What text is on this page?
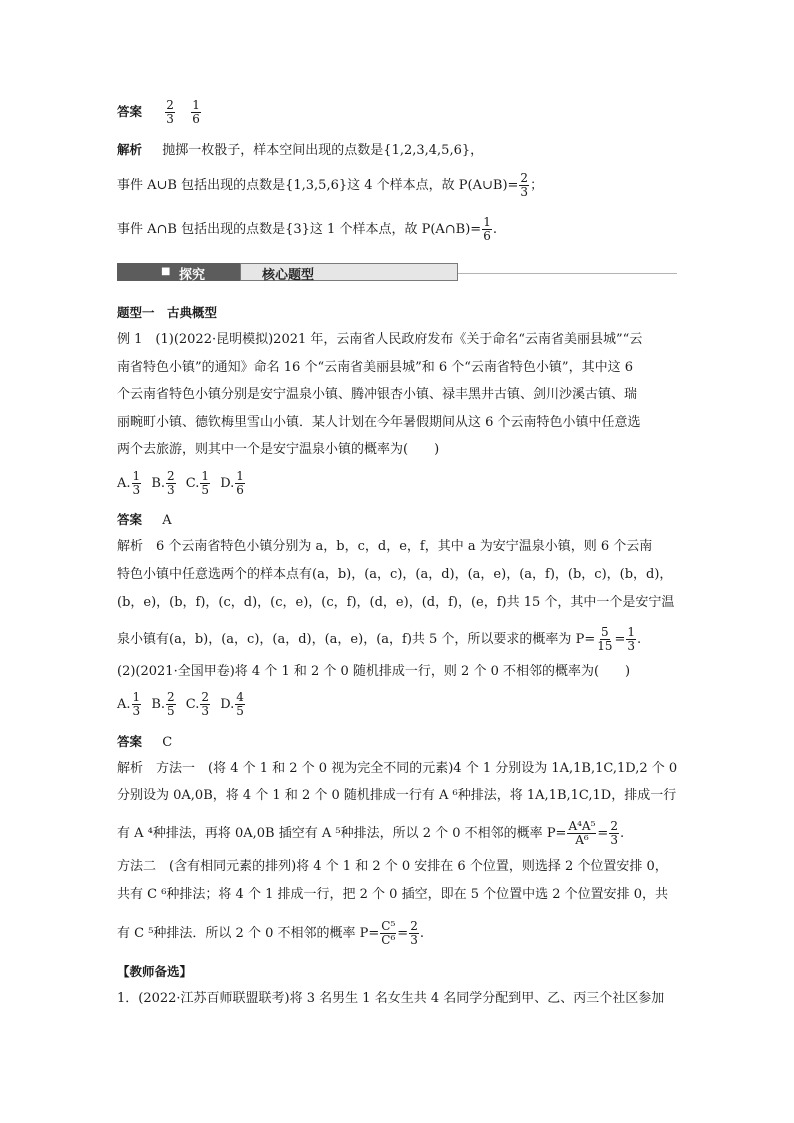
答案 $\frac{2}{3}$
$\frac{1}{6}$
解析 抛掷一枚骰子，样本空间出现的点数是{1,2,3,4,5,6}，
事件 A∪B 包括出现的点数是{1,3,5,6}这 4 个样本点，故 P(A∪B)= $\frac{2}{3}$ ；
事件 A∩B 包括出现的点数是{3}这 1 个样本点，故 P(A∩B)= $\frac{1}{6}$ .
■ 探究	核心题型
题型一　古典概型
例 1　(1)(2022·昆明模拟)2021 年，云南省人民政府发布《关于命名“云南省美丽县城”“云
南省特色小镇”的通知》命名 16 个“云南省美丽县城”和 6 个“云南省特色小镇”，其中这 6
个云南省特色小镇分别是安宁温泉小镇、腾冲银杏小镇、禄丰黑井古镇、剑川沙溪古镇、瑞
丽畹町小镇、德钦梅里雪山小镇．某人计划在今年暑假期间从这 6 个云南特色小镇中任意选
两个去旅游，则其中一个是安宁温泉小镇的概率为(　　)
A. $\frac{1}{3} B$. $\frac{2}{3} C$. $\frac{1}{5} D$. $\frac{1}{6}$
答案 A
解析　6 个云南省特色小镇分别为 a，b，c，d，e，f，其中 a 为安宁温泉小镇，则 6 个云南
特色小镇中任意选两个的样本点有(a，b)，(a，c)，(a，d)，(a，e)，(a，f)，(b，c)，(b，d)，
(b，e)，(b，f)，(c，d)，(c，e)，(c，f)，(d，e)，(d，f)，(e，f)共 15 个，其中一个是安宁温
泉小镇有(a，b)，(a，c)，(a，d)，(a，e)，(a，f)共 5 个，所以要求的概率为 $P= \frac{5}{15} = \frac{1}{3}$ .
(2)(2021·全国甲卷)将 4 个 1 和 2 个 0 随机排成一行，则 2 个 0 不相邻的概率为(　　)
A. $\frac{1}{3} B$. $\frac{2}{5} C$. $\frac{2}{3} D$. $\frac{4}{5}$
答案 C
解析　方法一　(将 4 个 1 和 2 个 0 视为完全不同的元素)4 个 1 分别设为 1A,1B,1C,1D,2 个 0
分别设为 0A,0B，将 4 个 1 和 2 个 0 随机排成一行有 A ⁶种排法，将 1A,1B,1C,1D，排成一行
有 A ⁴种排法，再将 0A,0B 插空有 A ⁵种排法，所以 2 个 0 不相邻的概率 $P= \frac{\text{A⁴A⁵}}{\text{A⁶}} = \frac{2}{3}$ .
方法二　(含有相同元素的排列)将 4 个 1 和 2 个 0 安排在 6 个位置，则选择 2 个位置安排 0，
共有 C ⁶种排法；将 4 个 1 排成一行，把 2 个 0 插空，即在 5 个位置中选 2 个位置安排 0，共
有 C ⁵种排法．所以 2 个 0 不相邻的概率 $P= \frac{\text{C⁵}}{\text{C⁶}} = \frac{2}{3}$ .
【教师备选】
1．(2022·江苏百师联盟联考)将 3 名男生 1 名女生共 4 名同学分配到甲、乙、丙三个社区参加
